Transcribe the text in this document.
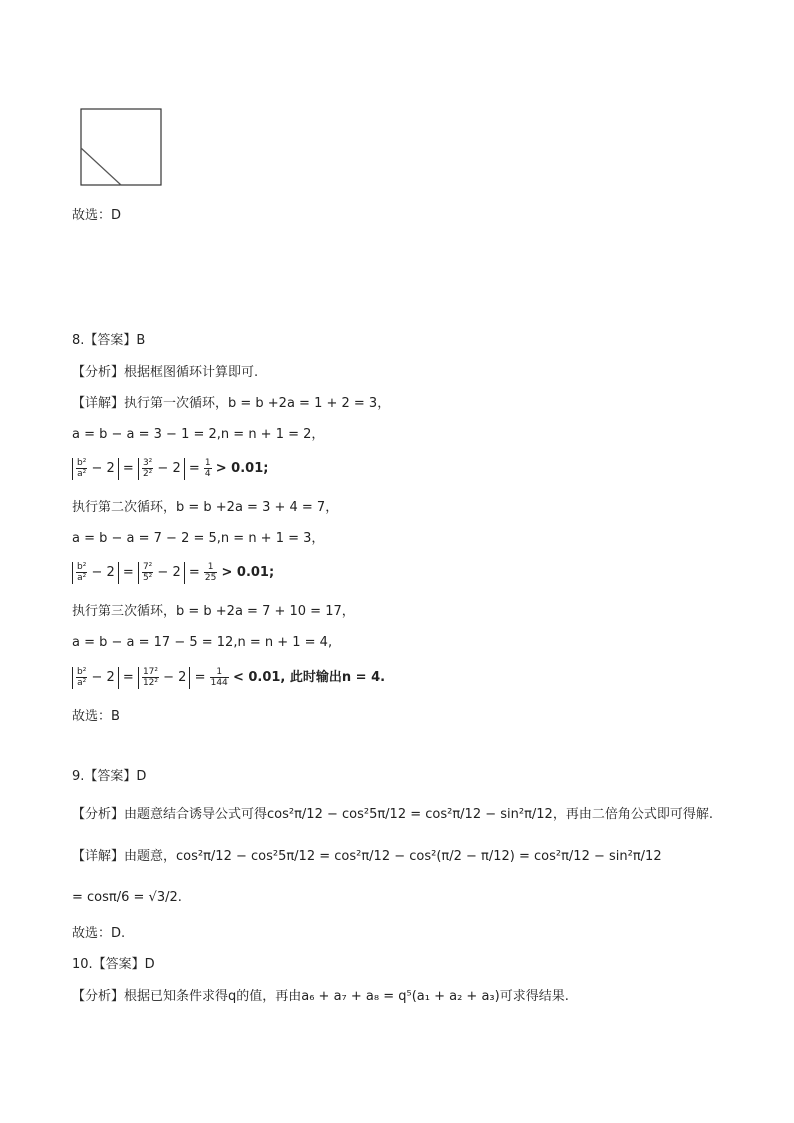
故选：D
8.【答案】B
【分析】根据框图循环计算即可.
【详解】执行第一次循环，b = b +2a = 1 + 2 = 3，
a = b − a = 3 − 1 = 2,n = n + 1 = 2，
$\frac{\text{b²}}{\text{a²}} - 2 = \frac{\text{3²}}{\text{2²}} - 2 = \frac{1}{4} > 0.01$;
执行第二次循环，b = b +2a = 3 + 4 = 7，
a = b − a = 7 − 2 = 5,n = n + 1 = 3，
$\frac{\text{b²}}{\text{a²}} - 2 = \frac{\text{7²}}{\text{5²}} - 2 = \frac{1}{25} > 0.01$;
执行第三次循环，b = b +2a = 7 + 10 = 17，
a = b − a = 17 − 5 = 12,n = n + 1 = 4,
$\frac{\text{b²}}{\text{a²}} - 2 = \frac{\text{17²}}{\text{12²}} - 2 = \frac{1}{144} < 0.01$, 此时输出n = 4.
故选：B
9.【答案】D
【分析】由题意结合诱导公式可得cos²π/12 − cos²5π/12 = cos²π/12 − sin²π/12，再由二倍角公式即可得解.
【详解】由题意，cos²π/12 − cos²5π/12 = cos²π/12 − cos²(π/2 − π/12) = cos²π/12 − sin²π/12
= cosπ/6 = √3/2.
故选：D.
10.【答案】D
【分析】根据已知条件求得q的值，再由a₆ + a₇ + a₈ = q⁵(a₁ + a₂ + a₃)可求得结果.
